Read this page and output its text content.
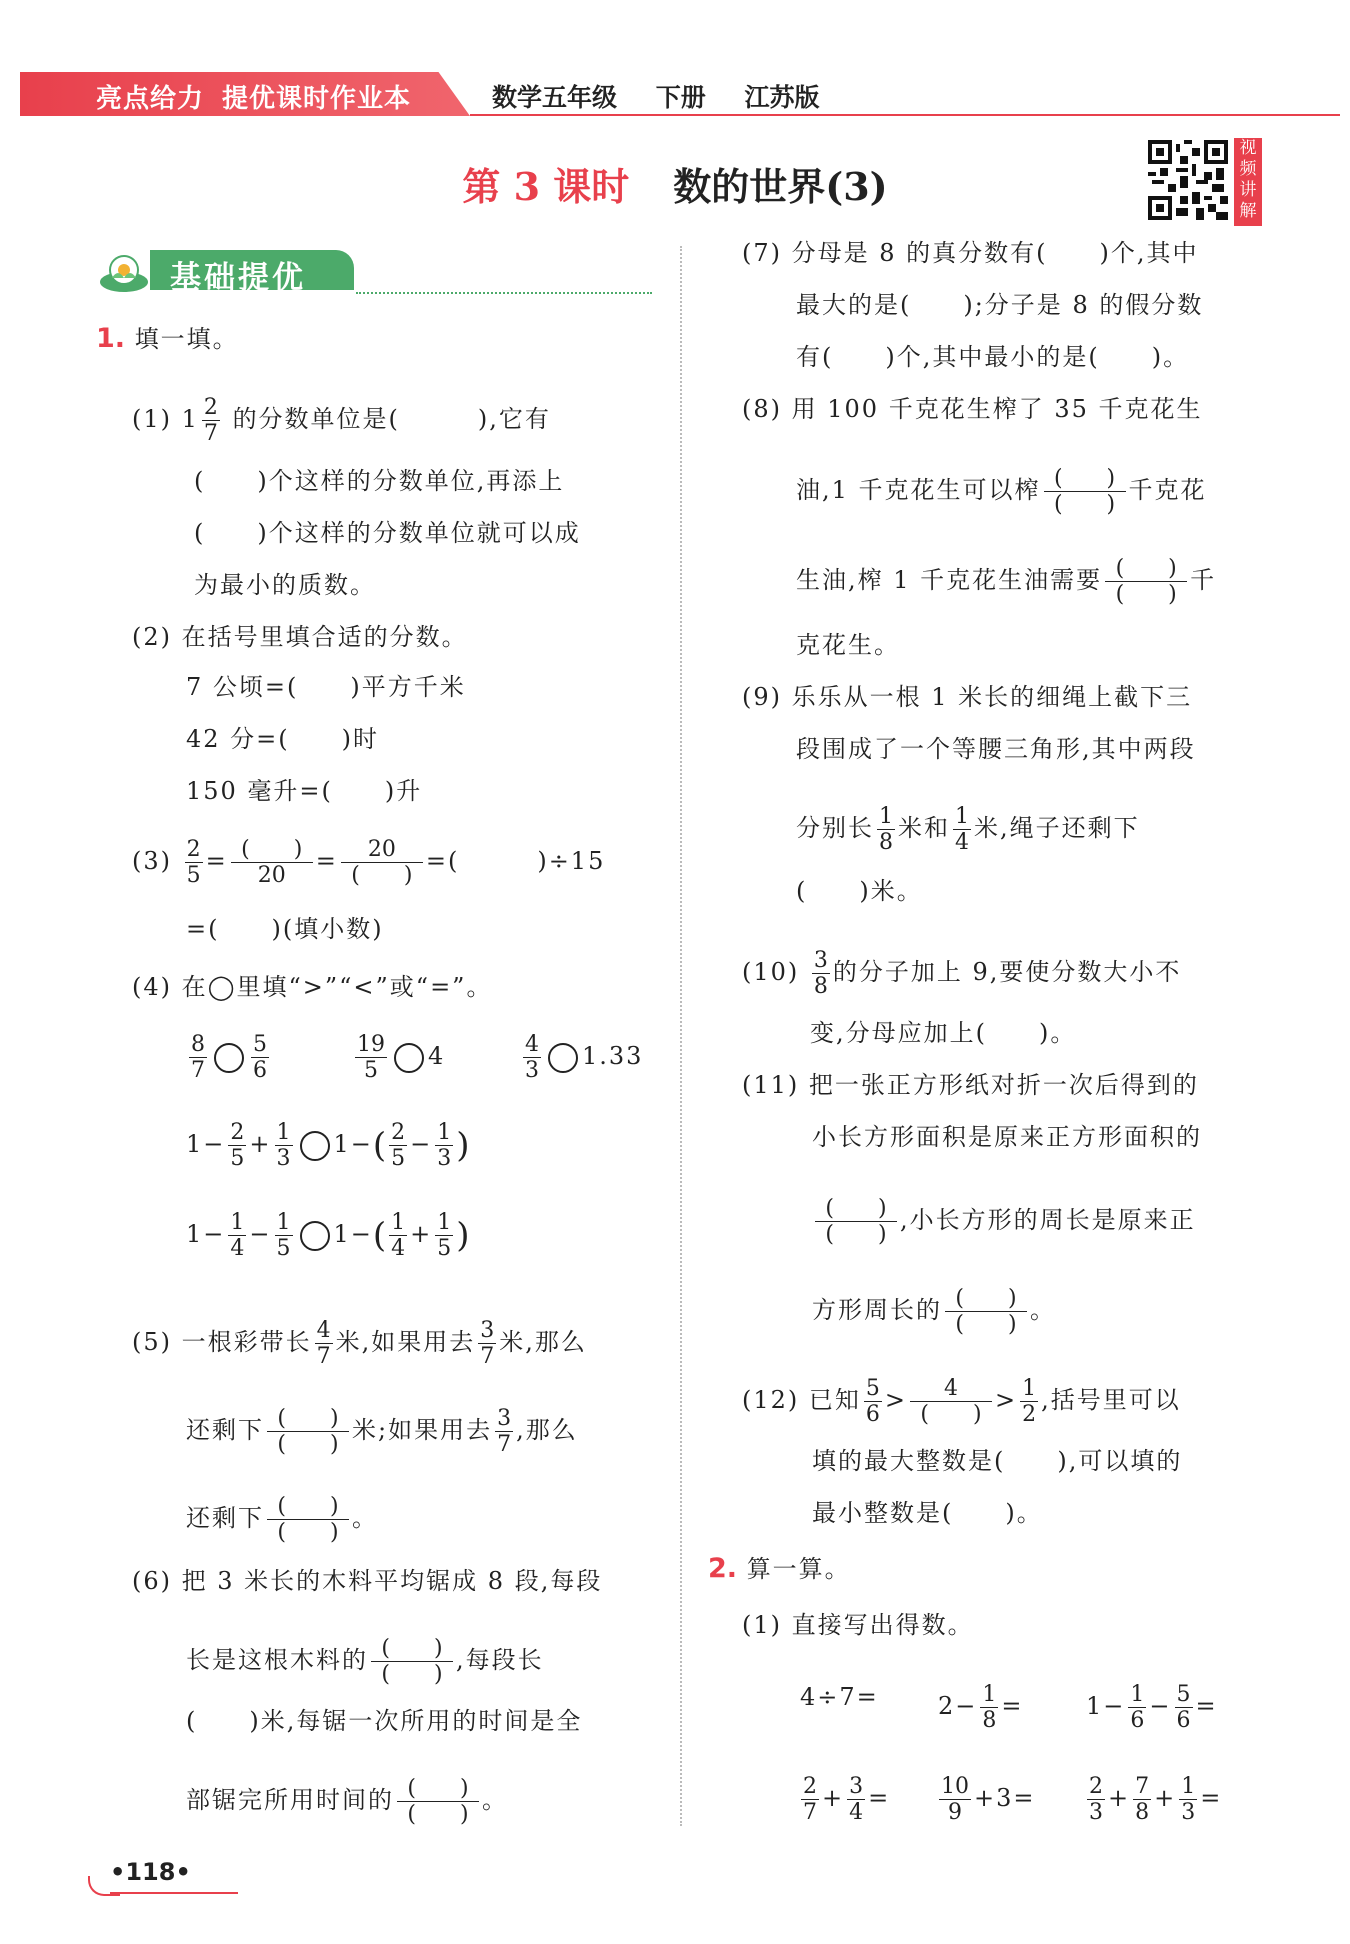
亮点给力 提优课时作业本	数学五年级 下册 江苏版
第 3 课时 数的世界(3)
视频讲解
基础提优
1. 填一填。
(1) $1 \frac{2}{7}$ 的分数单位是(　　　),它有
(　　)个这样的分数单位,再添上
(　　)个这样的分数单位就可以成
为最小的质数。
(2) 在括号里填合适的分数。
7 公顷=(　　)平方千米
42 分=(　　)时
150 毫升=(　　)升
$(3) \frac{2}{5} = \frac{( )}{20} = \frac{20}{( )}$ =(　　　)÷15
=(　　)(填小数)
(4) 在◯里填“>”“<”或“=”。
$\frac{8}{7} \frac{5}{6}$	$\frac{19}{5} 4$	$\frac{4}{3} 1.33$
$1- \frac{2}{5} + \frac{1}{3} 1-( \frac{2}{5} - \frac{1}{3}$ )
$1- \frac{1}{4} - \frac{1}{5} 1-( \frac{1}{4} + \frac{1}{5}$ )
(5) 一根彩带长 $\frac{4}{7}$ 米,如果用去 $\frac{3}{7}$ 米,那么
还剩下 $\frac{( )}{( )}$ 米;如果用去 $\frac{3}{7}$ ,那么
还剩下 $\frac{( )}{( )}$ 。
(6) 把 3 米长的木料平均锯成 8 段,每段
长是这根木料的 $\frac{( )}{( )}$ ,每段长
(　　)米,每锯一次所用的时间是全
部锯完所用时间的 $\frac{( )}{( )}$ 。
(7) 分母是 8 的真分数有(　　)个,其中
最大的是(　　);分子是 8 的假分数
有(　　)个,其中最小的是(　　)。
(8) 用 100 千克花生榨了 35 千克花生
油,1 千克花生可以榨 $\frac{( )}{( )}$ 千克花
生油,榨 1 千克花生油需要 $\frac{( )}{( )}$ 千
克花生。
(9) 乐乐从一根 1 米长的细绳上截下三
段围成了一个等腰三角形,其中两段
分别长 $\frac{1}{8}$ 米和 $\frac{1}{4}$ 米,绳子还剩下
(　　)米。
$(10) \frac{3}{8}$ 的分子加上 9,要使分数大小不
变,分母应加上(　　)。
(11) 把一张正方形纸对折一次后得到的
小长方形面积是原来正方形面积的
$\frac{( )}{( )}$ ,小长方形的周长是原来正
方形周长的 $\frac{( )}{( )}$ 。
(12) 已知 $\frac{5}{6} > \frac{4}{( )} > \frac{1}{2}$ ,括号里可以
填的最大整数是(　　),可以填的
最小整数是(　　)。
2. 算一算。
(1) 直接写出得数。
$4\div 7= 2- \frac{1}{8}$ =	$1- \frac{1}{6} - \frac{5}{6}$ =
$\frac{2}{7} + \frac{3}{4} = \frac{10}{9} +3= \frac{2}{3} + \frac{7}{8} + \frac{1}{3}$ =
•118•
